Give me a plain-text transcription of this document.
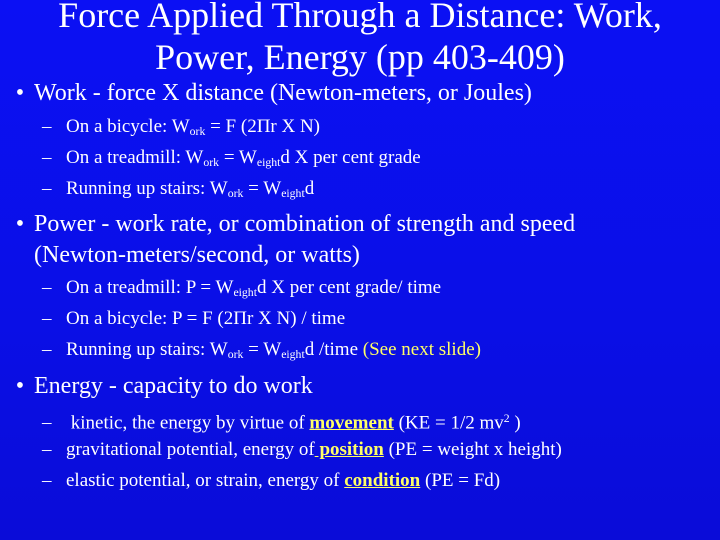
Force Applied Through a Distance: Work,
Power, Energy (pp 403-409)
• Work - force X distance (Newton-meters, or Joules)
– On a bicycle: $W_{ork} = F$ (2Πr X N)
– On a treadmill: $W_{ork} = W_{eight}d$ X per cent grade
– Running up stairs: $W_{ork} = W_{eight}d$
• Power - work rate, or combination of strength and speed
(Newton-meters/second, or watts)
– On a treadmill: $P = W_{eight}d$ X per cent grade/ time
– On a bicycle: P = F (2Πr X N) / time
– Running up stairs: $W_{ork} = W_{eight}d$ /time (See next slide)
• Energy - capacity to do work
– kinetic, the energy by virtue of movement (KE = 1/2 $mv^2$ )
– gravitational potential, energy of position (PE = weight x height)
– elastic potential, or strain, energy of condition (PE = Fd)
